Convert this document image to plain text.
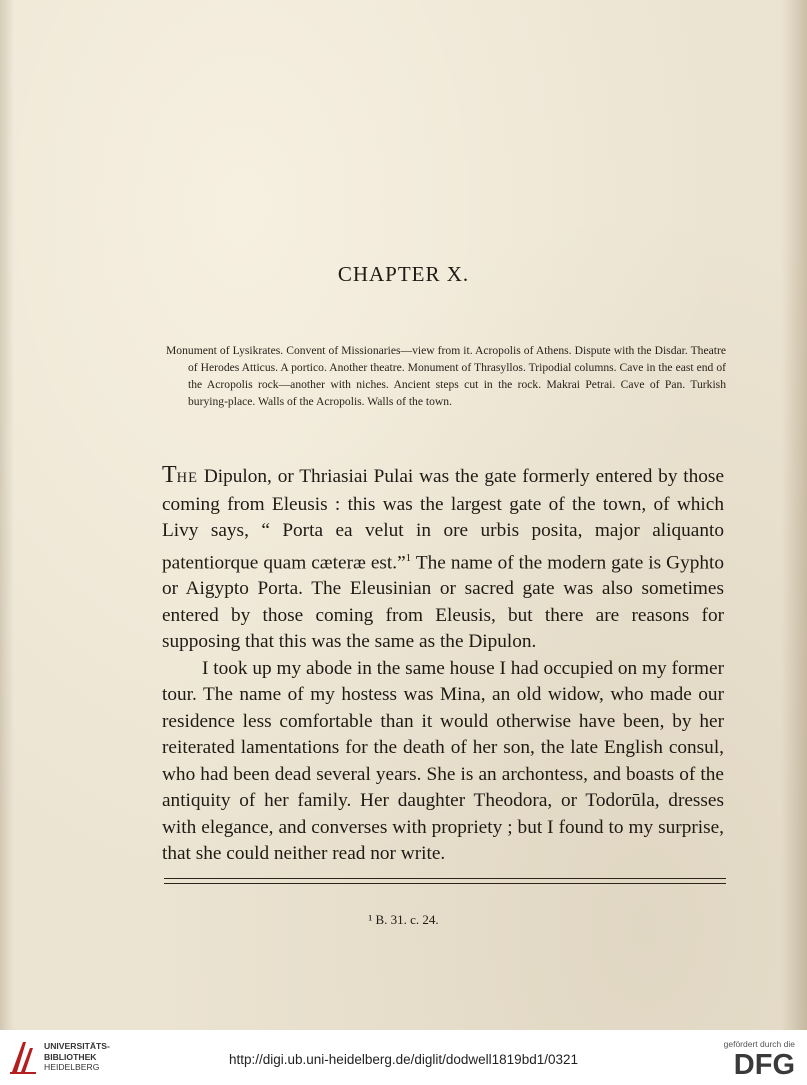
CHAPTER X.
Monument of Lysikrates. Convent of Missionaries—view from it. Acropolis of Athens. Dispute with the Disdar. Theatre of Herodes Atticus. A portico. Another theatre. Monument of Thrasyllos. Tripodial columns. Cave in the east end of the Acropolis rock—another with niches. Ancient steps cut in the rock. Makrai Petrai. Cave of Pan. Turkish burying-place. Walls of the Acropolis. Walls of the town.

THE Dipulon, or Thriasiai Pulai was the gate formerly entered by those coming from Eleusis : this was the largest gate of the town, of which Livy says, “ Porta ea velut in ore urbis posita, major aliquanto patentiorque quam cæteræ est.”$^1$ The name of the modern gate is Gyphto or Aigypto Porta. The Eleusinian or sacred gate was also sometimes entered by those coming from Eleusis, but there are reasons for supposing that this was the same as the Dipulon.

I took up my abode in the same house I had occupied on my former tour. The name of my hostess was Mina, an old widow, who made our residence less comfortable than it would otherwise have been, by her reiterated lamentations for the death of her son, the late English consul, who had been dead several years. She is an archontess, and boasts of the antiquity of her family. Her daughter Theodora, or Todorūla, dresses with elegance, and converses with propriety ; but I found to my surprise, that she could neither read nor write.

¹ B. 31. c. 24.
UNIVERSITÄTS-
BIBLIOTHEK
HEIDELBERG	http://digi.ub.uni-heidelberg.de/diglit/dodwell1819bd1/0321
gefördert durch die
DFG
